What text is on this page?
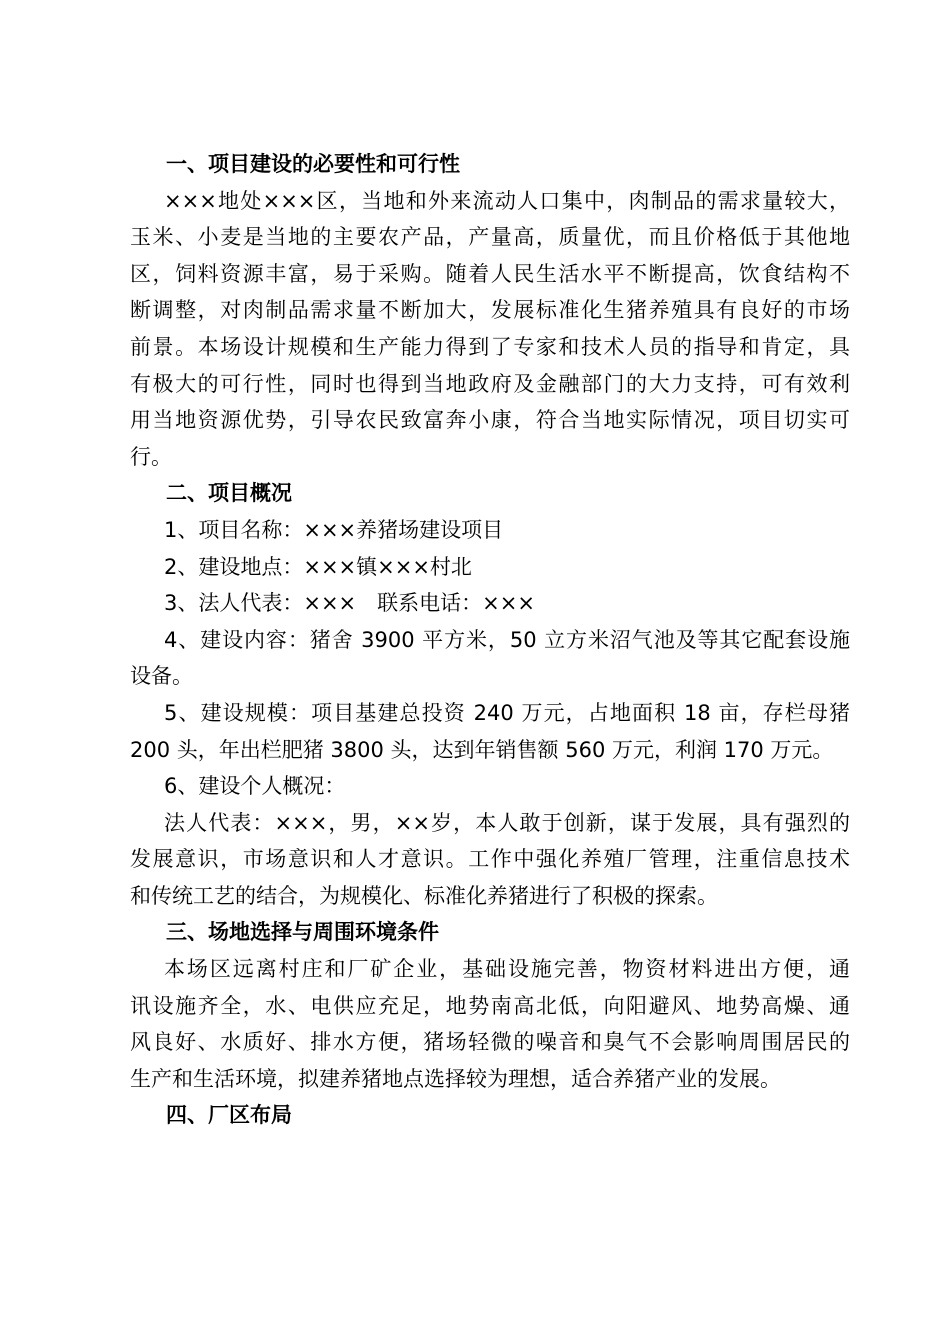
一、项目建设的必要性和可行性
×××地处×××区，当地和外来流动人口集中，肉制品的需求量较大，
玉米、小麦是当地的主要农产品，产量高，质量优，而且价格低于其他地
区，饲料资源丰富，易于采购。随着人民生活水平不断提高，饮食结构不
断调整，对肉制品需求量不断加大，发展标准化生猪养殖具有良好的市场
前景。本场设计规模和生产能力得到了专家和技术人员的指导和肯定，具
有极大的可行性，同时也得到当地政府及金融部门的大力支持，可有效利
用当地资源优势，引导农民致富奔小康，符合当地实际情况，项目切实可
行。
二、项目概况
1、项目名称：×××养猪场建设项目
2、建设地点：×××镇×××村北
3、法人代表：×××　联系电话：×××
4、建设内容：猪舍 3900 平方米，50 立方米沼气池及等其它配套设施
设备。
5、建设规模：项目基建总投资 240 万元，占地面积 18 亩，存栏母猪
200 头，年出栏肥猪 3800 头，达到年销售额 560 万元，利润 170 万元。
6、建设个人概况：
法人代表：×××，男，××岁，本人敢于创新，谋于发展，具有强烈的
发展意识，市场意识和人才意识。工作中强化养殖厂管理，注重信息技术
和传统工艺的结合，为规模化、标准化养猪进行了积极的探索。
三、场地选择与周围环境条件
本场区远离村庄和厂矿企业，基础设施完善，物资材料进出方便，通
讯设施齐全，水、电供应充足，地势南高北低，向阳避风、地势高燥、通
风良好、水质好、排水方便，猪场轻微的噪音和臭气不会影响周围居民的
生产和生活环境，拟建养猪地点选择较为理想，适合养猪产业的发展。
四、厂区布局
